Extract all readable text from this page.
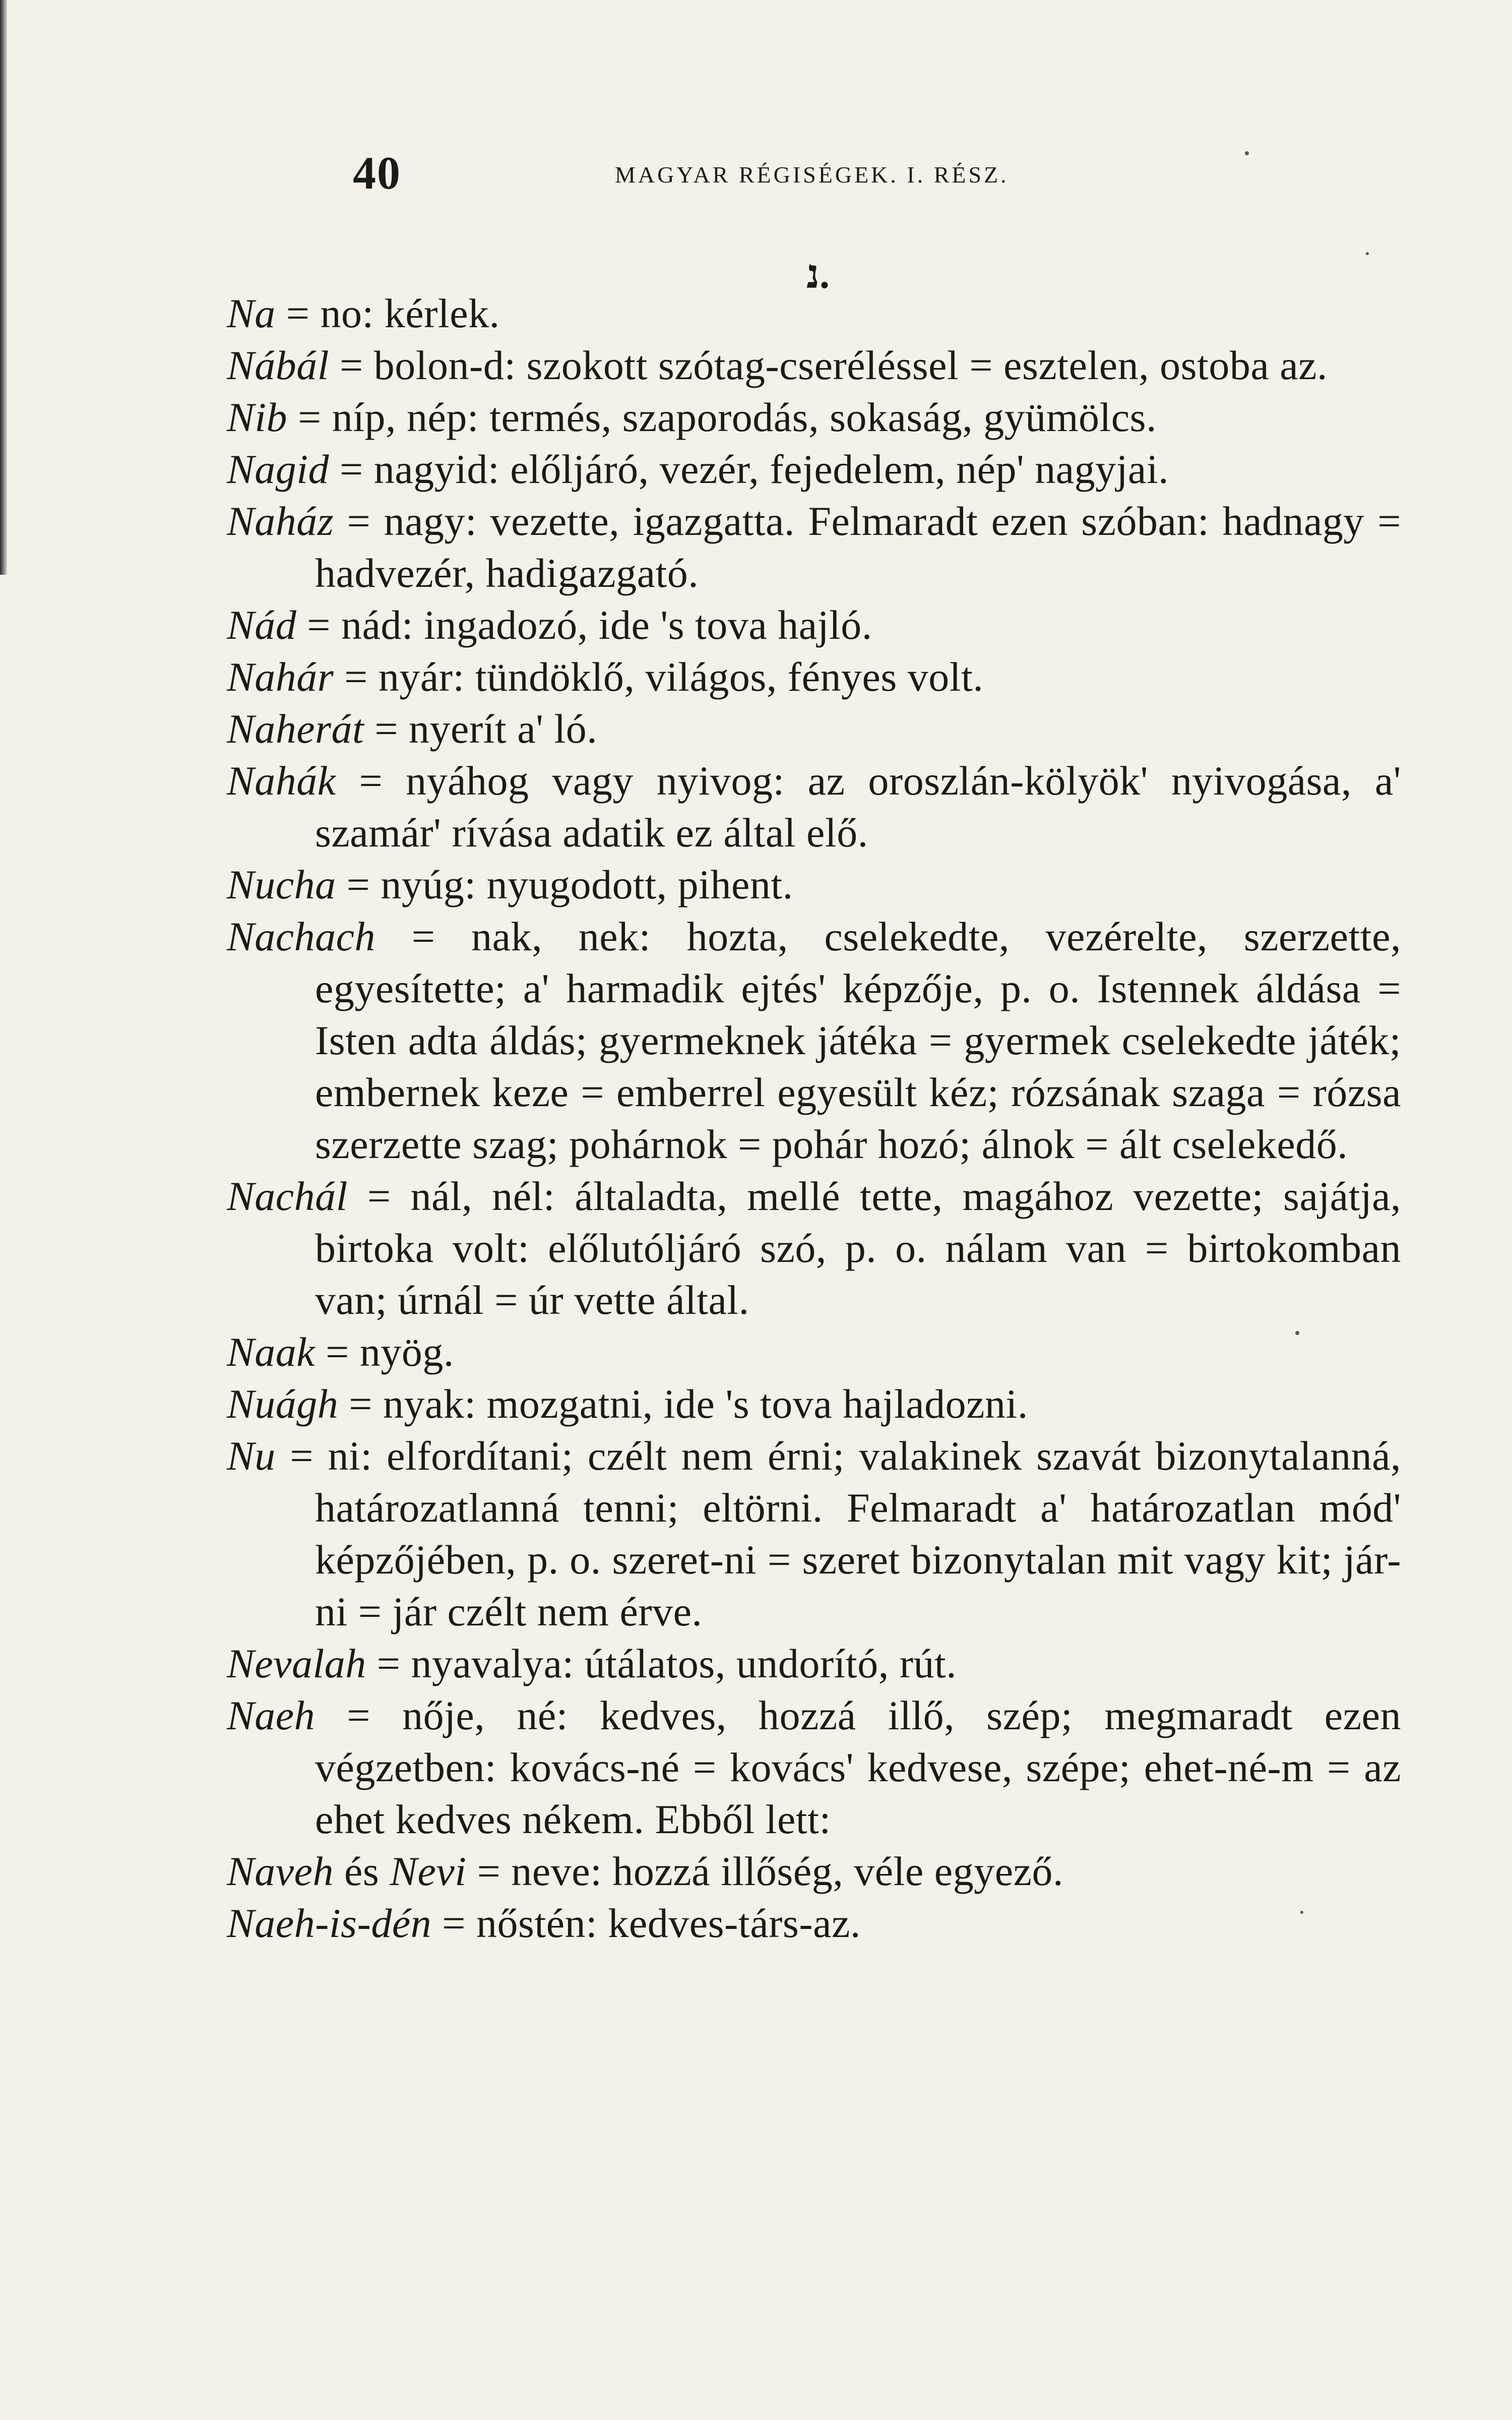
40	MAGYAR RÉGISÉGEK. I. RÉSZ.
נ.

Na = no: kérlek.

Nábál = bolon-d: szokott szótag-cseréléssel = esztelen, ostoba az.

Nib = níp, nép: termés, szaporodás, sokaság, gyümölcs.

Nagid = nagyid: előljáró, vezér, fejedelem, nép' nagyjai.

Naház = nagy: vezette, igazgatta. Felmaradt ezen szóban: hadnagy = hadvezér, hadigazgató.

Nád = nád: ingadozó, ide 's tova hajló.

Nahár = nyár: tündöklő, világos, fényes volt.

Naherát = nyerít a' ló.

Nahák = nyáhog vagy nyivog: az oroszlán-kölyök' nyivogása, a' szamár' rívása adatik ez által elő.

Nucha = nyúg: nyugodott, pihent.

Nachach = nak, nek: hozta, cselekedte, vezérelte, szerzette, egyesítette; a' harmadik ejtés' képzője, p. o. Istennek áldása = Isten adta áldás; gyermeknek játéka = gyermek cselekedte játék; embernek keze = emberrel egyesült kéz; rózsának szaga = rózsa szerzette szag; pohárnok = pohár hozó; álnok = ált cselekedő.

Nachál = nál, nél: általadta, mellé tette, magához vezette; sajátja, birtoka volt: előlutóljáró szó, p. o. nálam van = birtokomban van; úrnál = úr vette által.

Naak = nyög.

Nuágh = nyak: mozgatni, ide 's tova hajladozni.

Nu = ni: elfordítani; czélt nem érni; valakinek szavát bizonytalanná, határozatlanná tenni; eltörni. Felmaradt a' határozatlan mód' képzőjében, p. o. szeret-ni = szeret bizonytalan mit vagy kit; jár-ni = jár czélt nem érve.

Nevalah = nyavalya: útálatos, undorító, rút.

Naeh = nője, né: kedves, hozzá illő, szép; megmaradt ezen végzetben: kovács-né = kovács' kedvese, szépe; ehet-né-m = az ehet kedves nékem. Ebből lett:

Naveh és Nevi = neve: hozzá illőség, véle egyező.

Naeh-is-dén = nőstén: kedves-társ-az.
